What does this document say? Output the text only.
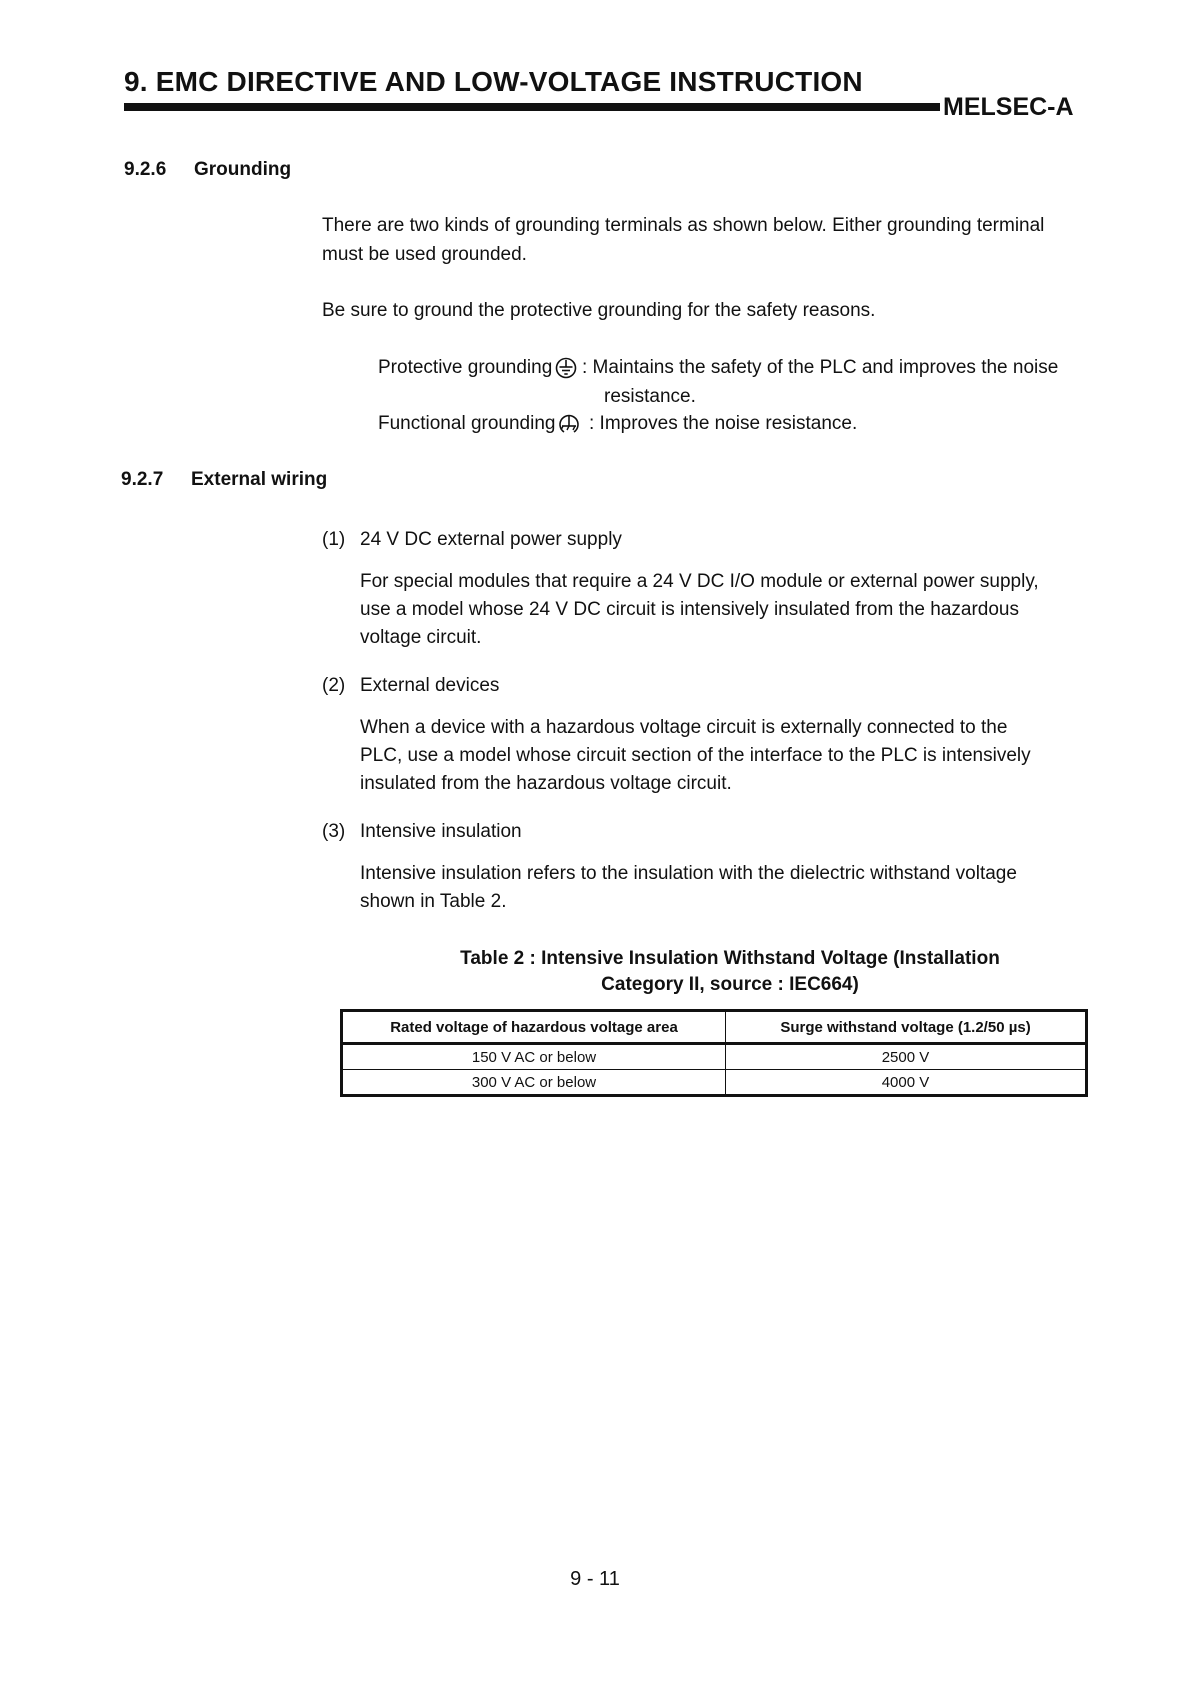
9. EMC DIRECTIVE AND LOW-VOLTAGE INSTRUCTION
MELSEC-A
9.2.6 Grounding
There are two kinds of grounding terminals as shown below. Either grounding terminal
must be used grounded.
Be sure to ground the protective grounding for the safety reasons.
Protective grounding : Maintains the safety of the PLC and improves the noise
resistance.
Functional grounding : Improves the noise resistance.
9.2.7 External wiring
(1) 24 V DC external power supply
For special modules that require a 24 V DC I/O module or external power supply,
use a model whose 24 V DC circuit is intensively insulated from the hazardous
voltage circuit.
(2) External devices
When a device with a hazardous voltage circuit is externally connected to the
PLC, use a model whose circuit section of the interface to the PLC is intensively
insulated from the hazardous voltage circuit.
(3) Intensive insulation
Intensive insulation refers to the insulation with the dielectric withstand voltage
shown in Table 2.
Table 2 : Intensive Insulation Withstand Voltage (Installation
Category II, source : IEC664)
Rated voltage of hazardous voltage area	Surge withstand voltage (1.2/50 µs)
150 V AC or below	2500 V
300 V AC or below	4000 V
9 - 11
